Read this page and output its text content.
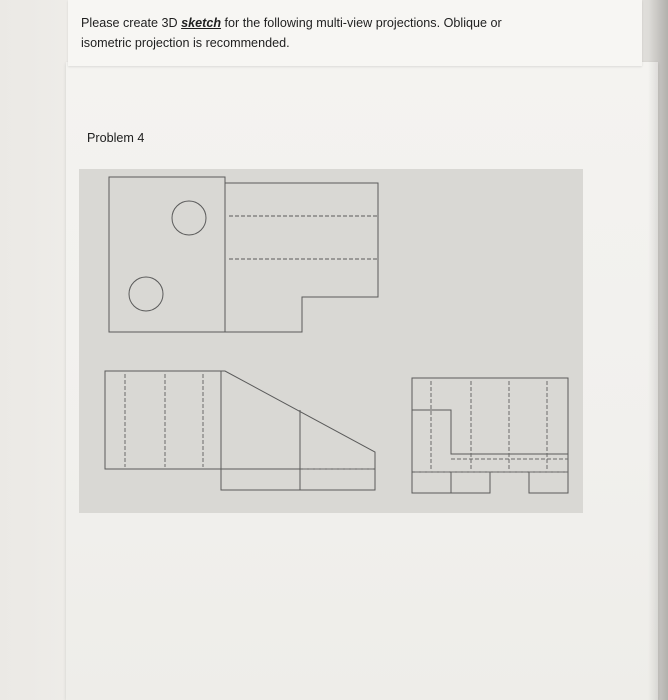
Please create 3D sketch for the following multi-view projections. Oblique or
isometric projection is recommended.
Problem 4
